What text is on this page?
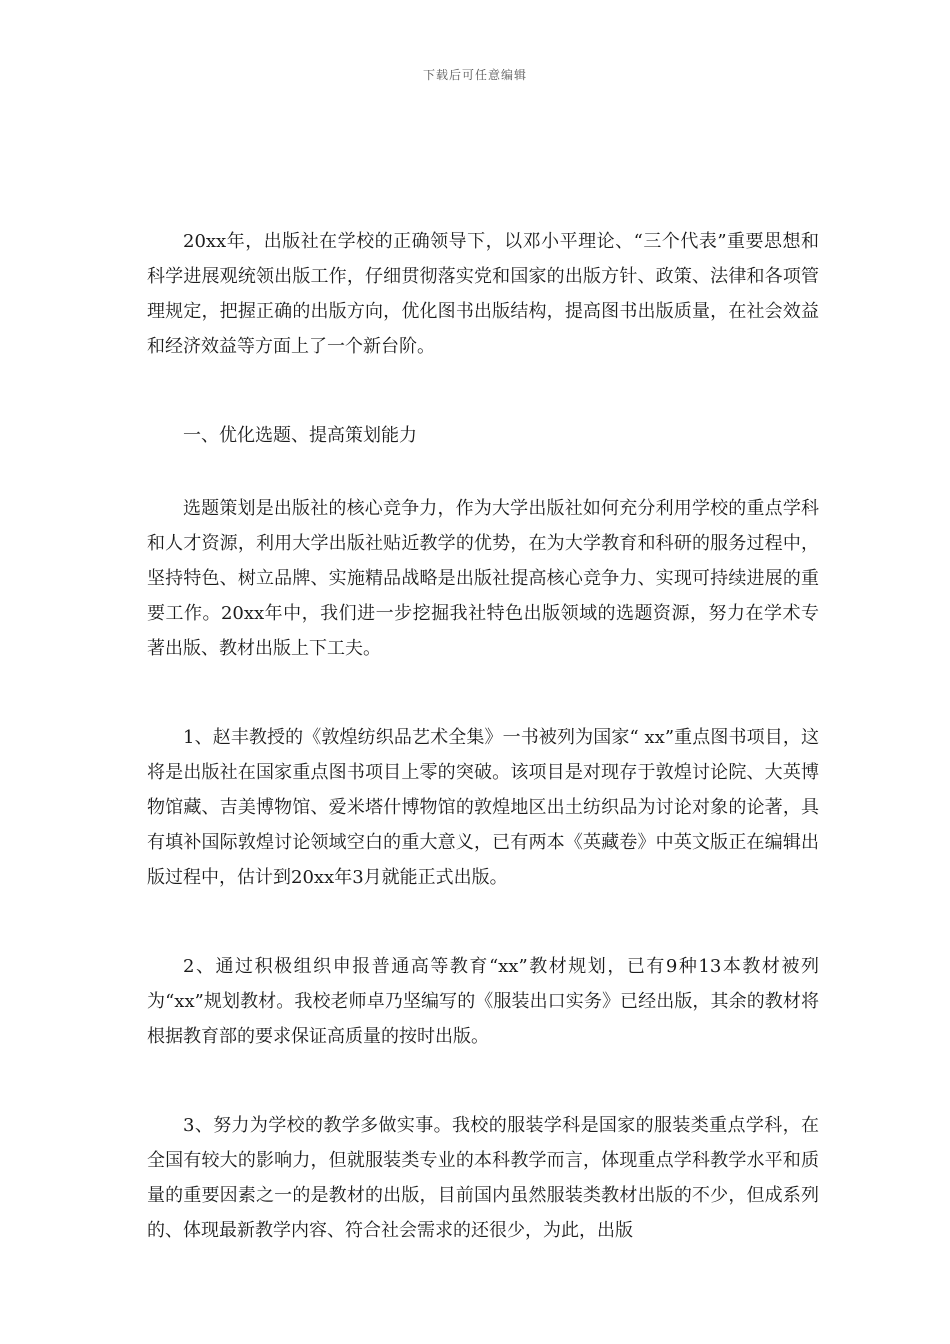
下载后可任意编辑

20xx年，出版社在学校的正确领导下，以邓小平理论、“三个代表”重要思想和科学进展观统领出版工作，仔细贯彻落实党和国家的出版方针、政策、法律和各项管理规定，把握正确的出版方向，优化图书出版结构，提高图书出版质量，在社会效益和经济效益等方面上了一个新台阶。

一、优化选题、提高策划能力

选题策划是出版社的核心竞争力，作为大学出版社如何充分利用学校的重点学科和人才资源，利用大学出版社贴近教学的优势，在为大学教育和科研的服务过程中，坚持特色、树立品牌、实施精品战略是出版社提高核心竞争力、实现可持续进展的重要工作。20xx年中，我们进一步挖掘我社特色出版领域的选题资源，努力在学术专著出版、教材出版上下工夫。

1、赵丰教授的《敦煌纺织品艺术全集》一书被列为国家“ xx”重点图书项目，这将是出版社在国家重点图书项目上零的突破。该项目是对现存于敦煌讨论院、大英博物馆藏、吉美博物馆、爱米塔什博物馆的敦煌地区出土纺织品为讨论对象的论著，具有填补国际敦煌讨论领域空白的重大意义，已有两本《英藏卷》中英文版正在编辑出版过程中，估计到20xx年3月就能正式出版。

2、通过积极组织申报普通高等教育“xx”教材规划，已有9种13本教材被列为“xx”规划教材。我校老师卓乃坚编写的《服装出口实务》已经出版，其余的教材将根据教育部的要求保证高质量的按时出版。

3、努力为学校的教学多做实事。我校的服装学科是国家的服装类重点学科，在全国有较大的影响力，但就服装类专业的本科教学而言，体现重点学科教学水平和质量的重要因素之一的是教材的出版，目前国内虽然服装类教材出版的不少，但成系列的、体现最新教学内容、符合社会需求的还很少，为此，出版
